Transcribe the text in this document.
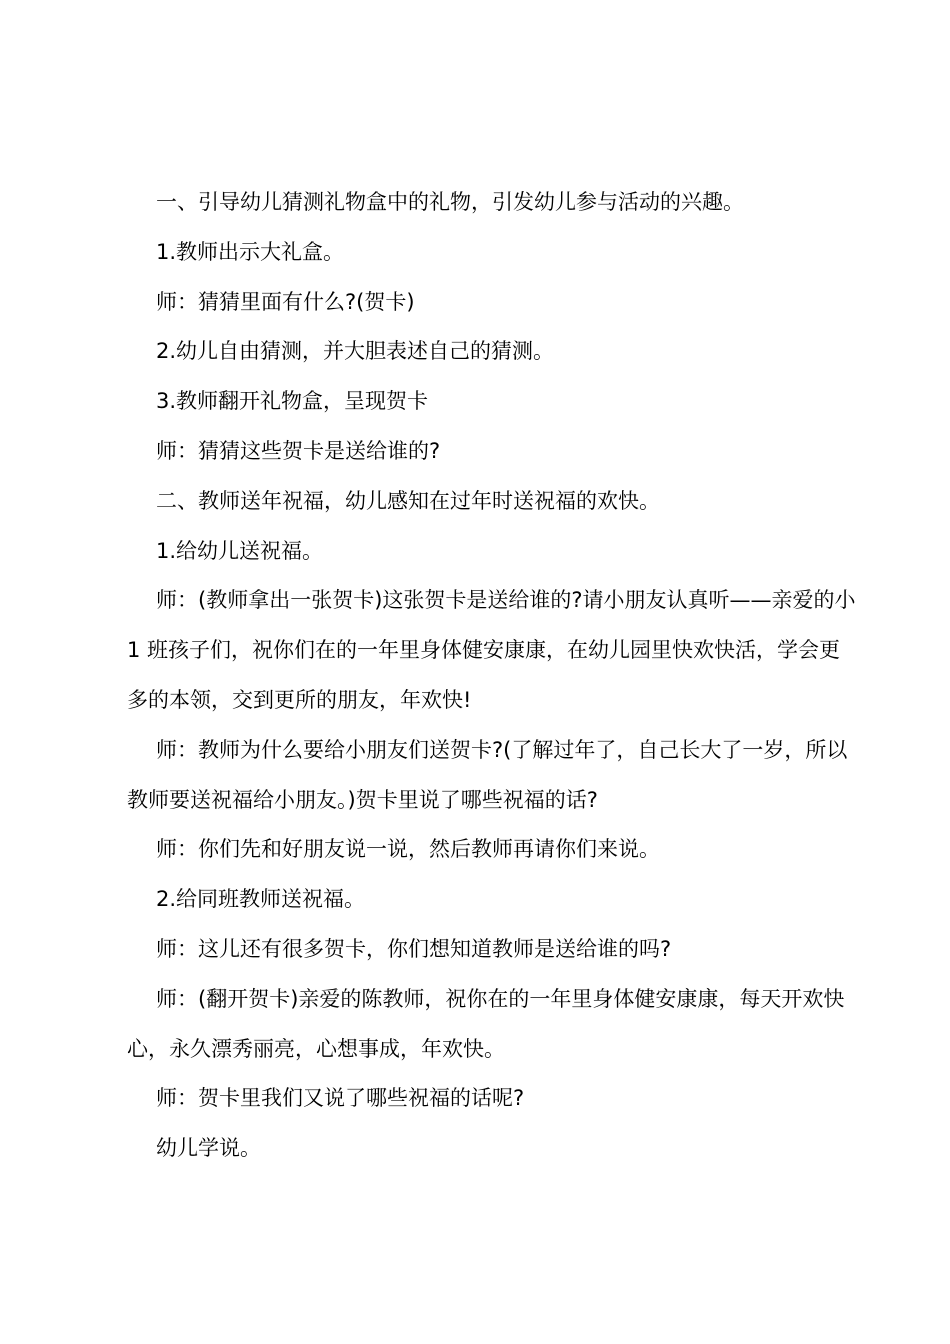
一、引导幼儿猜测礼物盒中的礼物，引发幼儿参与活动的兴趣。

1.教师出示大礼盒。

师：猜猜里面有什么?(贺卡)

2.幼儿自由猜测，并大胆表述自己的猜测。

3.教师翻开礼物盒，呈现贺卡

师：猜猜这些贺卡是送给谁的?

二、教师送年祝福，幼儿感知在过年时送祝福的欢快。

1.给幼儿送祝福。

师：(教师拿出一张贺卡)这张贺卡是送给谁的?请小朋友认真听——亲爱的小 1 班孩子们，祝你们在的一年里身体健安康康，在幼儿园里快欢快活，学会更多的本领，交到更所的朋友，年欢快!

师：教师为什么要给小朋友们送贺卡?(了解过年了，自己长大了一岁，所以教师要送祝福给小朋友。)贺卡里说了哪些祝福的话?

师：你们先和好朋友说一说，然后教师再请你们来说。

2.给同班教师送祝福。

师：这儿还有很多贺卡，你们想知道教师是送给谁的吗?

师：(翻开贺卡)亲爱的陈教师，祝你在的一年里身体健安康康，每天开欢快心，永久漂秀丽亮，心想事成，年欢快。

师：贺卡里我们又说了哪些祝福的话呢?

幼儿学说。
